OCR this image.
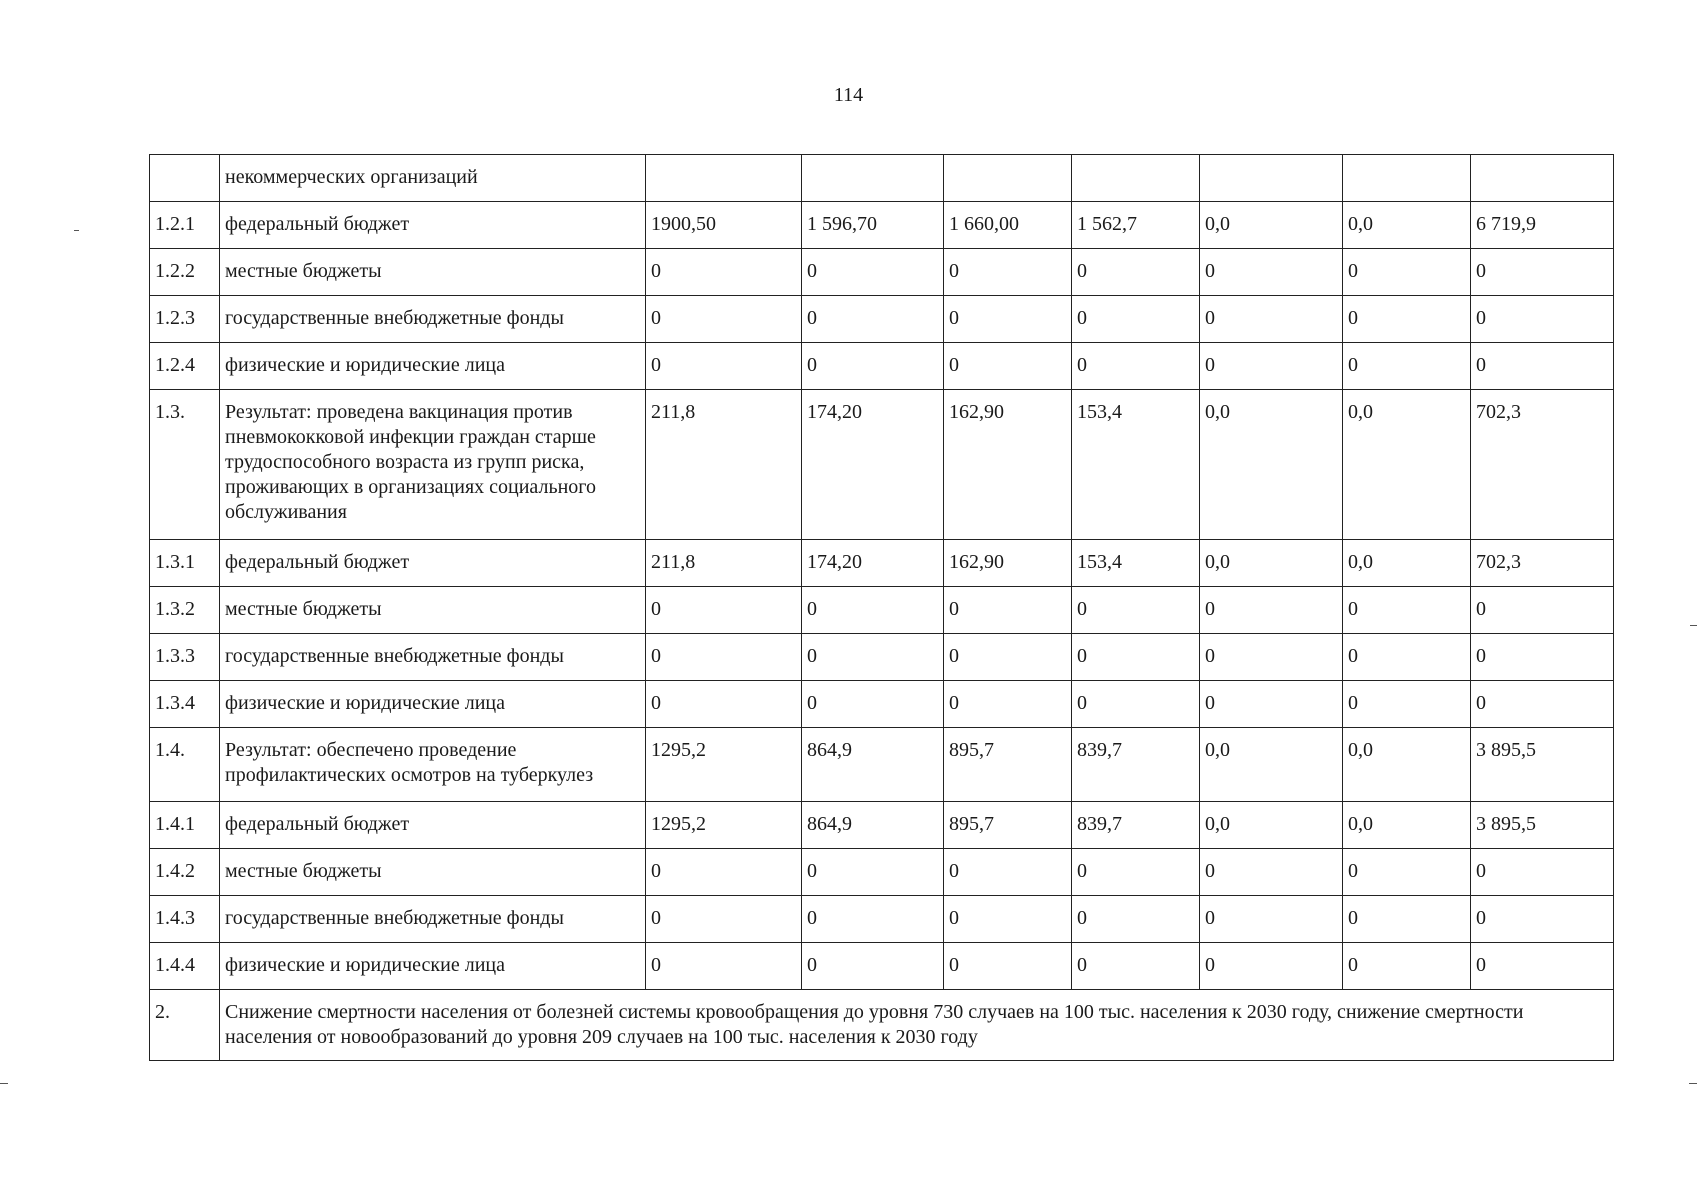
114
	некоммерческих организаций							
1.2.1	федеральный бюджет	1900,50	1 596,70	1 660,00	1 562,7	0,0	0,0	6 719,9
1.2.2	местные бюджеты	0	0	0	0	0	0	0
1.2.3	государственные внебюджетные фонды	0	0	0	0	0	0	0
1.2.4	физические и юридические лица	0	0	0	0	0	0	0
1.3.	Результат: проведена вакцинация против пневмококковой инфекции граждан старше трудоспособного возраста из групп риска, проживающих в организациях социального обслуживания	211,8	174,20	162,90	153,4	0,0	0,0	702,3
1.3.1	федеральный бюджет	211,8	174,20	162,90	153,4	0,0	0,0	702,3
1.3.2	местные бюджеты	0	0	0	0	0	0	0
1.3.3	государственные внебюджетные фонды	0	0	0	0	0	0	0
1.3.4	физические и юридические лица	0	0	0	0	0	0	0
1.4.	Результат: обеспечено проведение профилактических осмотров на туберкулез	1295,2	864,9	895,7	839,7	0,0	0,0	3 895,5
1.4.1	федеральный бюджет	1295,2	864,9	895,7	839,7	0,0	0,0	3 895,5
1.4.2	местные бюджеты	0	0	0	0	0	0	0
1.4.3	государственные внебюджетные фонды	0	0	0	0	0	0	0
1.4.4	физические и юридические лица	0	0	0	0	0	0	0
2.	Снижение смертности населения от болезней системы кровообращения до уровня 730 случаев на 100 тыс. населения к 2030 году, снижение смертности населения от новообразований до уровня 209 случаев на 100 тыс. населения к 2030 году							
